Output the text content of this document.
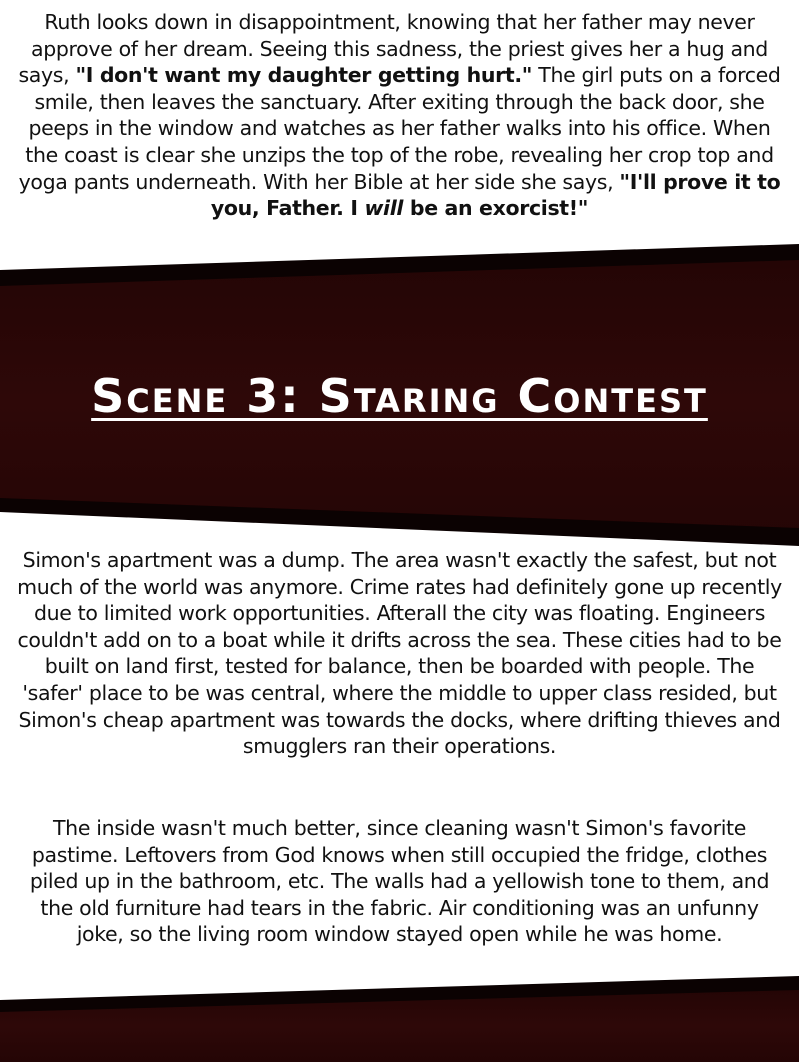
Ruth looks down in disappointment, knowing that her father may never approve of her dream. Seeing this sadness, the priest gives her a hug and says, "I don't want my daughter getting hurt." The girl puts on a forced smile, then leaves the sanctuary. After exiting through the back door, she peeps in the window and watches as her father walks into his office. When the coast is clear she unzips the top of the robe, revealing her crop top and yoga pants underneath. With her Bible at her side she says, "I'll prove it to you, Father. I will be an exorcist!"

Scene 3: Staring Contest

Simon's apartment was a dump. The area wasn't exactly the safest, but not much of the world was anymore. Crime rates had definitely gone up recently due to limited work opportunities. Afterall the city was floating. Engineers couldn't add on to a boat while it drifts across the sea. These cities had to be built on land first, tested for balance, then be boarded with people. The 'safer' place to be was central, where the middle to upper class resided, but Simon's cheap apartment was towards the docks, where drifting thieves and smugglers ran their operations.

The inside wasn't much better, since cleaning wasn't Simon's favorite pastime. Leftovers from God knows when still occupied the fridge, clothes piled up in the bathroom, etc. The walls had a yellowish tone to them, and the old furniture had tears in the fabric. Air conditioning was an unfunny joke, so the living room window stayed open while he was home.
